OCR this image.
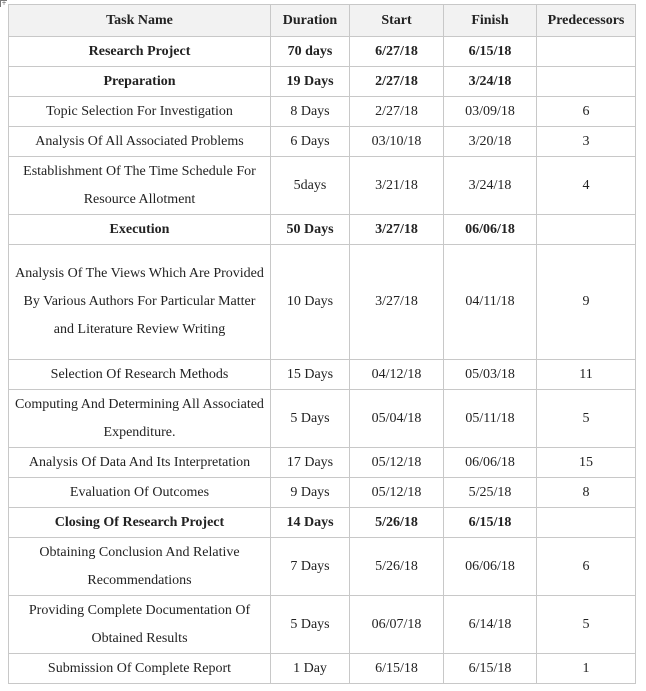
+
Task Name	Duration	Start	Finish	Predecessors
Research Project	70 days	6/27/18	6/15/18	
Preparation	19 Days	2/27/18	3/24/18	
Topic Selection For Investigation	8 Days	2/27/18	03/09/18	6
Analysis Of All Associated Problems	6 Days	03/10/18	3/20/18	3
Establishment Of The Time Schedule For Resource Allotment	5days	3/21/18	3/24/18	4
Execution	50 Days	3/27/18	06/06/18	
Analysis Of The Views Which Are Provided By Various Authors For Particular Matter and Literature Review Writing	10 Days	3/27/18	04/11/18	9
Selection Of Research Methods	15 Days	04/12/18	05/03/18	11
Computing And Determining All Associated Expenditure.	5 Days	05/04/18	05/11/18	5
Analysis Of Data And Its Interpretation	17 Days	05/12/18	06/06/18	15
Evaluation Of Outcomes	9 Days	05/12/18	5/25/18	8
Closing Of Research Project	14 Days	5/26/18	6/15/18	
Obtaining Conclusion And Relative Recommendations	7 Days	5/26/18	06/06/18	6
Providing Complete Documentation Of Obtained Results	5 Days	06/07/18	6/14/18	5
Submission Of Complete Report	1 Day	6/15/18	6/15/18	1
